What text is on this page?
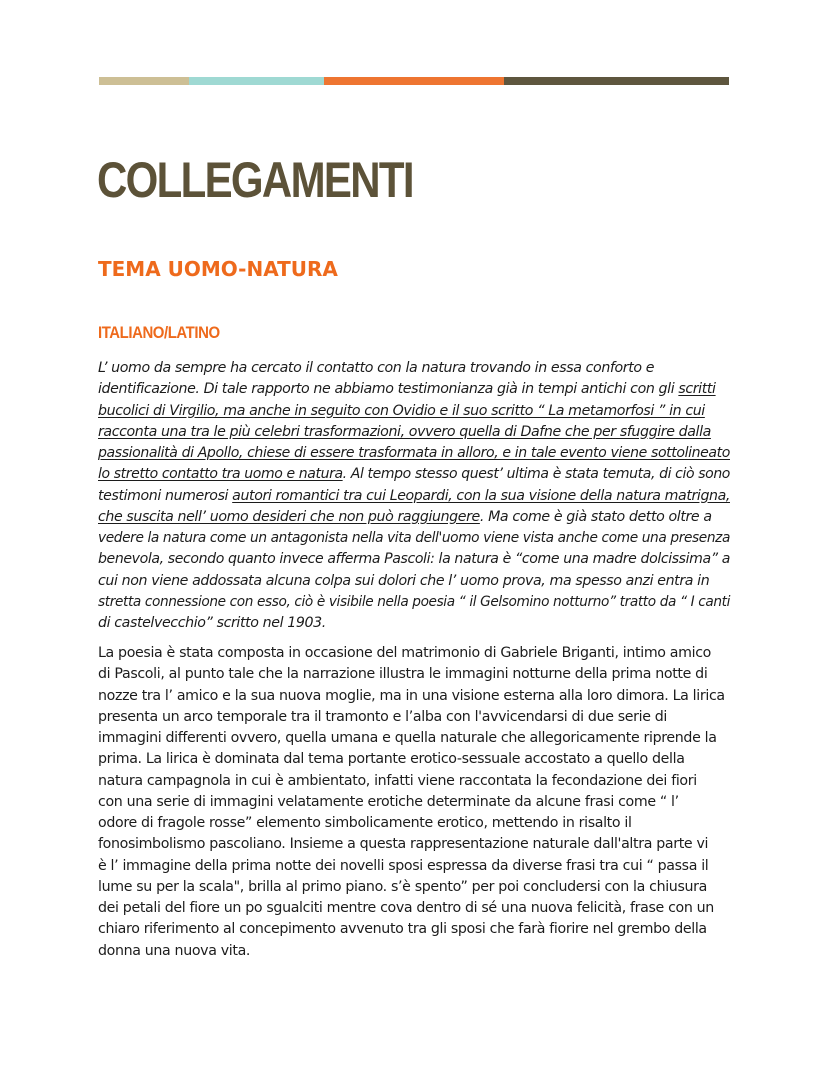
COLLEGAMENTI
TEMA UOMO-NATURA
ITALIANO/LATINO

L’ uomo da sempre ha cercato il contatto con la natura trovando in essa conforto e
identificazione. Di tale rapporto ne abbiamo testimonianza già in tempi antichi con gli scritti
bucolici di Virgilio, ma anche in seguito con Ovidio e il suo scritto “ La metamorfosi ” in cui
racconta una tra le più celebri trasformazioni, ovvero quella di Dafne che per sfuggire dalla
passionalità di Apollo, chiese di essere trasformata in alloro, e in tale evento viene sottolineato
lo stretto contatto tra uomo e natura. Al tempo stesso quest’ ultima è stata temuta, di ciò sono
testimoni numerosi autori romantici tra cui Leopardi, con la sua visione della natura matrigna,
che suscita nell’ uomo desideri che non può raggiungere. Ma come è già stato detto oltre a
vedere la natura come un antagonista nella vita dell'uomo viene vista anche come una presenza
benevola, secondo quanto invece afferma Pascoli: la natura è “come una madre dolcissima” a
cui non viene addossata alcuna colpa sui dolori che l’ uomo prova, ma spesso anzi entra in
stretta connessione con esso, ciò è visibile nella poesia “ il Gelsomino notturno” tratto da “ I canti
di castelvecchio” scritto nel 1903.

La poesia è stata composta in occasione del matrimonio di Gabriele Briganti, intimo amico
di Pascoli, al punto tale che la narrazione illustra le immagini notturne della prima notte di
nozze tra l’ amico e la sua nuova moglie, ma in una visione esterna alla loro dimora. La lirica
presenta un arco temporale tra il tramonto e l’alba con l'avvicendarsi di due serie di
immagini differenti ovvero, quella umana e quella naturale che allegoricamente riprende la
prima. La lirica è dominata dal tema portante erotico-sessuale accostato a quello della
natura campagnola in cui è ambientato, infatti viene raccontata la fecondazione dei fiori
con una serie di immagini velatamente erotiche determinate da alcune frasi come “ l’
odore di fragole rosse” elemento simbolicamente erotico, mettendo in risalto il
fonosimbolismo pascoliano. Insieme a questa rappresentazione naturale dall'altra parte vi
è l’ immagine della prima notte dei novelli sposi espressa da diverse frasi tra cui “ passa il
lume su per la scala", brilla al primo piano. s’è spento” per poi concludersi con la chiusura
dei petali del fiore un po sgualciti mentre cova dentro di sé una nuova felicità, frase con un
chiaro riferimento al concepimento avvenuto tra gli sposi che farà fiorire nel grembo della
donna una nuova vita.
